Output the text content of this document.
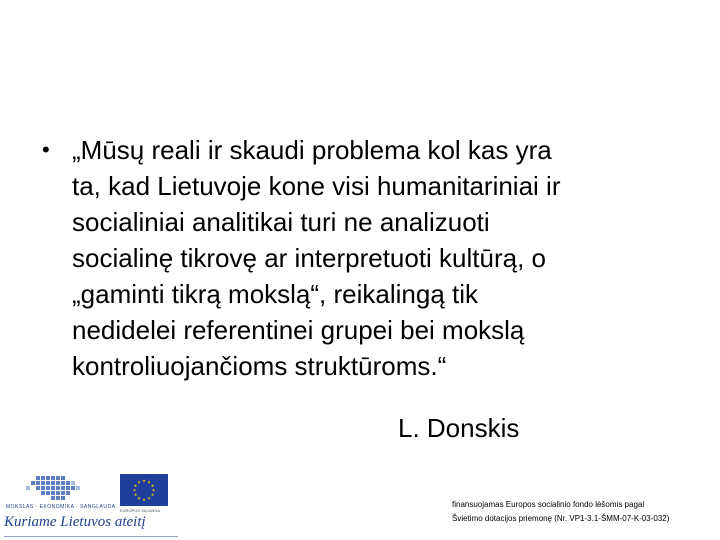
• „Mūsų reali ir skaudi problema kol kas yra
ta, kad Lietuvoje kone visi humanitariniai ir
socialiniai analitikai turi ne analizuoti
socialinę tikrovę ar interpretuoti kultūrą, o
„gaminti tikrą mokslą“, reikalingą tik
nedidelei referentinei grupei bei mokslą
kontroliuojančioms struktūroms.“
L. Donskis
MOKSLAS · EKONOMIKA · SANGLAUDA
Kuriame Lietuvos ateitį
★ ★
★
★
★
★
★
★
★
★
★
★
EUROPOS SĄJUNGA
finansuojamas Europos socialinio fondo lėšomis pagal
Švietimo dotacijos priemonę (Nr. VP1-3.1-ŠMM-07-K-03-032)
